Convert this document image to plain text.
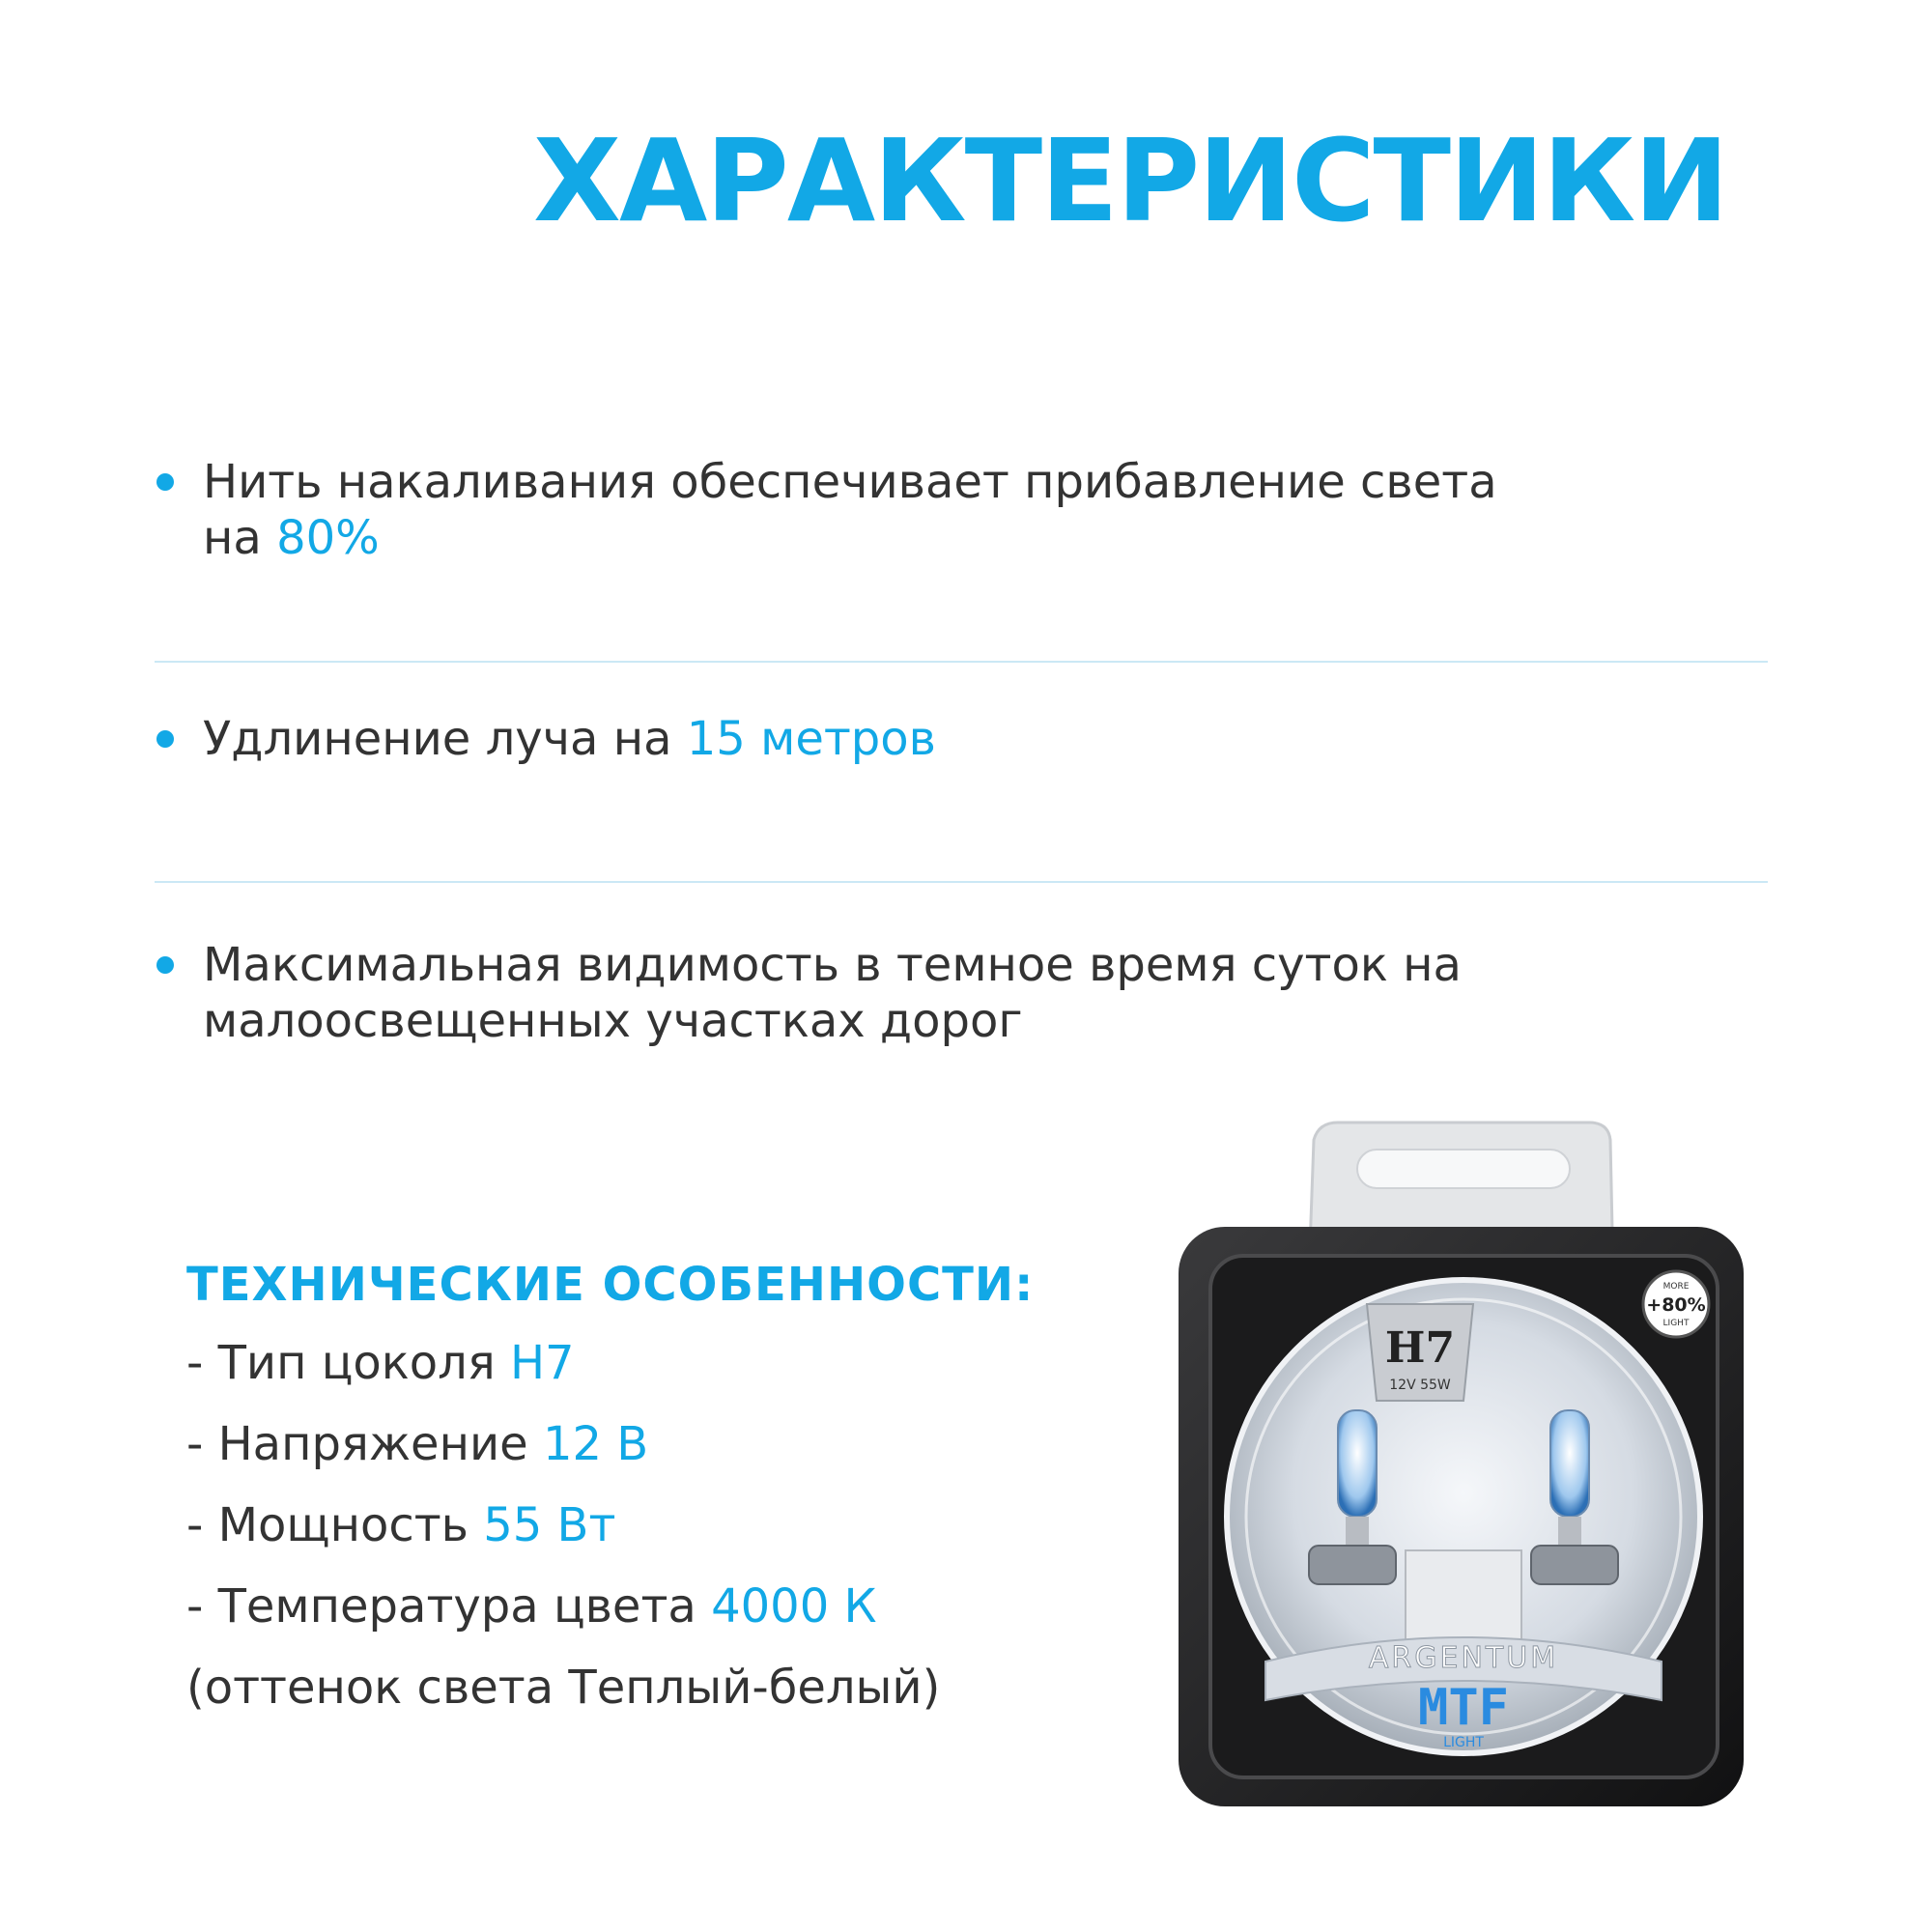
ХАРАКТЕРИСТИКИ
Нить накаливания обеспечивает прибавление света
на 80%
Удлинение луча на 15 метров
Максимальная видимость в темное время суток на
малоосвещенных участках дорог
ТЕХНИЧЕСКИЕ ОСОБЕННОСТИ:
- Тип цоколя H7
- Напряжение 12 В
- Мощность 55 Вт
- Температура цвета 4000 К
(оттенок света Теплый-белый)
H7
12V 55W
MORE
+80%
LIGHT
ARGENTUM
MTF
LIGHT
